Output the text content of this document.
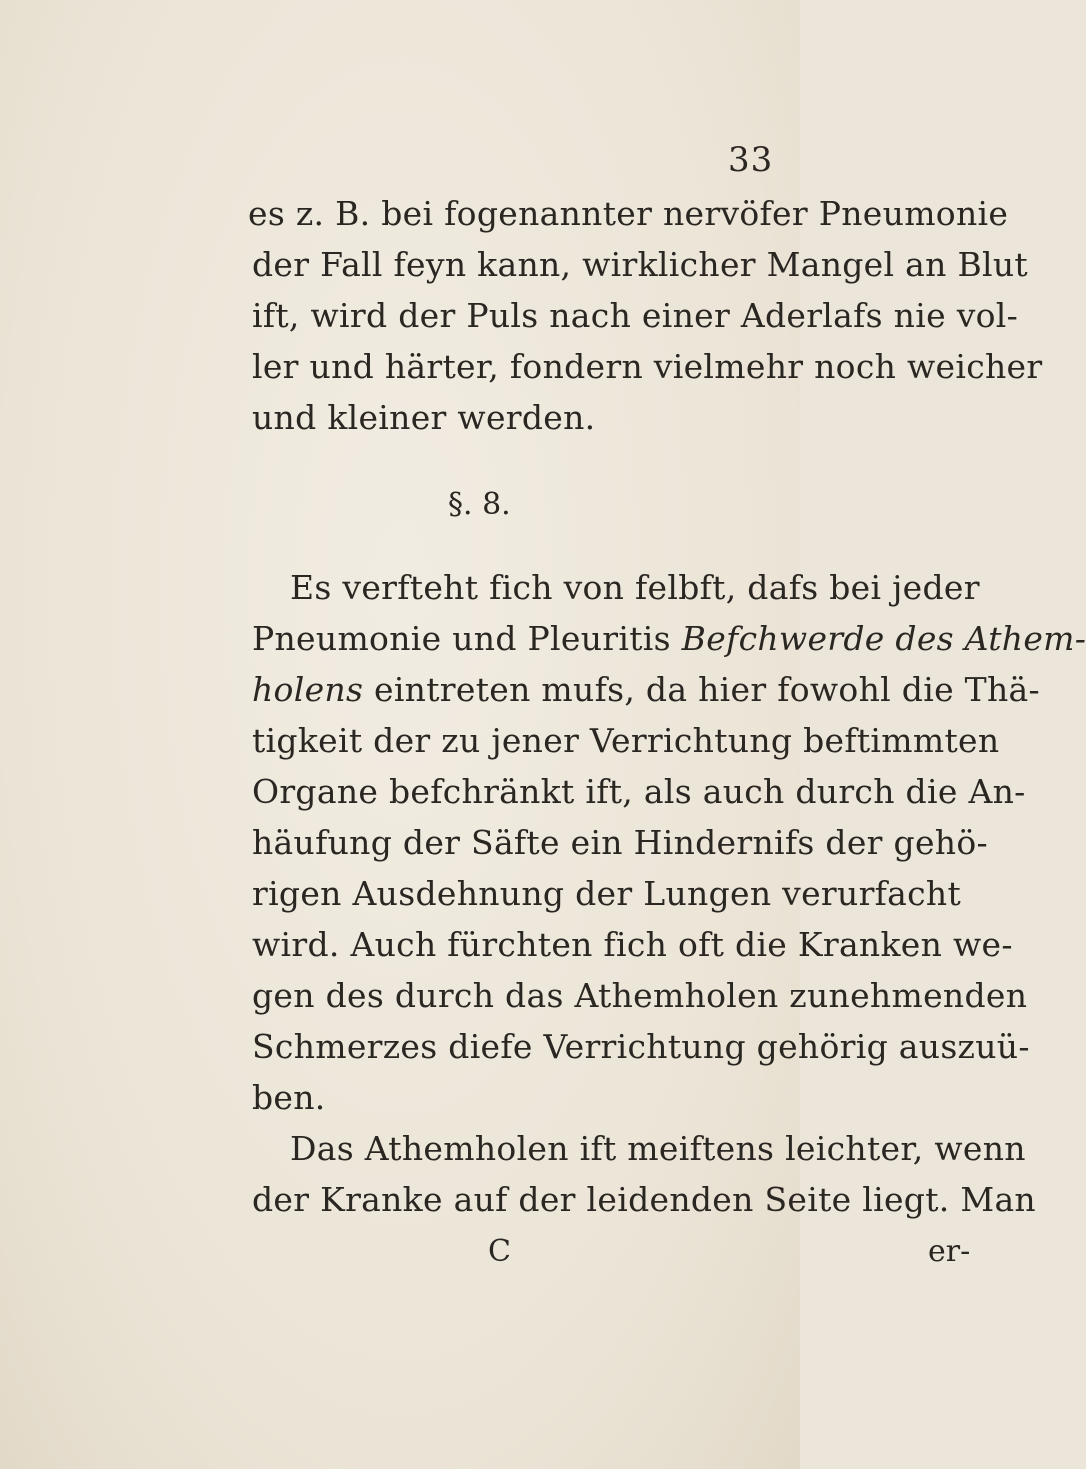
33
es z. B. bei fogenannter nervöfer Pneumonie
der Fall feyn kann, wirklicher Mangel an Blut
ift, wird der Puls nach einer Aderlafs nie vol-
ler und härter, fondern vielmehr noch weicher
und kleiner werden.
§. 8.
Es verfteht fich von felbft, dafs bei jeder
Pneumonie und Pleuritis Befchwerde des Athem-
holens eintreten mufs, da hier fowohl die Thä-
tigkeit der zu jener Verrichtung beftimmten
Organe befchränkt ift, als auch durch die An-
häufung der Säfte ein Hindernifs der gehö-
rigen Ausdehnung der Lungen verurfacht
wird. Auch fürchten fich oft die Kranken we-
gen des durch das Athemholen zunehmenden
Schmerzes diefe Verrichtung gehörig auszuü-
ben.
Das Athemholen ift meiftens leichter, wenn
der Kranke auf der leidenden Seite liegt. Man
C	er-
